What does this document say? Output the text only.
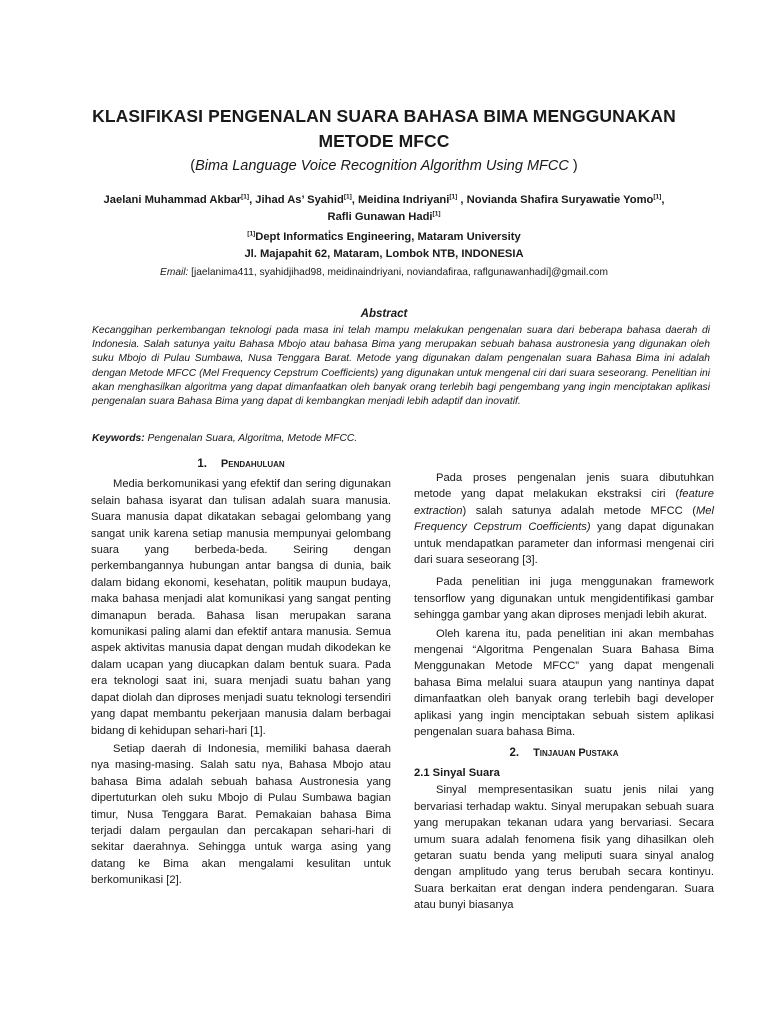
KLASIFIKASI PENGENALAN SUARA BAHASA BIMA MENGGUNAKAN METODE MFCC
(Bima Language Voice Recognition Algorithm Using MFCC )
Jaelani Muhammad Akbar[1], Jihad As’ Syahid[1], Meidina Indriyani[1] , Novianda Shafira Suryawati̇e Yomo[1],
Rafli Gunawan Hadi[1]
[1]Dept Informati̇cs Engineering, Mataram University
Jl. Majapahit 62, Mataram, Lombok NTB, INDONESIA
Email: [jaelanima411, syahidjihad98, meidinaindriyani, noviandafiraa, raflgunawanhadi]@gmail.com
Abstract
Kecanggihan perkembangan teknologi pada masa ini telah mampu melakukan pengenalan suara dari beberapa bahasa daerah di Indonesia. Salah satunya yaitu Bahasa Mbojo atau bahasa Bima yang merupakan sebuah bahasa austronesia yang digunakan oleh suku Mbojo di Pulau Sumbawa, Nusa Tenggara Barat. Metode yang digunakan dalam pengenalan suara Bahasa Bima ini adalah dengan Metode MFCC (Mel Frequency Cepstrum Coefficients) yang digunakan untuk mengenal ciri dari suara seseorang. Penelitian ini akan menghasilkan algoritma yang dapat dimanfaatkan oleh banyak orang terlebih bagi pengembang yang ingin menciptakan aplikasi pengenalan suara Bahasa Bima yang dapat di kembangkan menjadi lebih adaptif dan inovatif.
Keywords: Pengenalan Suara, Algoritma, Metode MFCC.
1. Pendahuluan

Media berkomunikasi yang efektif dan sering digunakan selain bahasa isyarat dan tulisan adalah suara manusia. Suara manusia dapat dikatakan sebagai gelombang yang sangat unik karena setiap manusia mempunyai gelombang suara yang berbeda-beda. Seiring dengan perkembangannya hubungan antar bangsa di dunia, baik dalam bidang ekonomi, kesehatan, politik maupun budaya, maka bahasa menjadi alat komunikasi yang sangat penting dimanapun berada. Bahasa lisan merupakan sarana komunikasi paling alami dan efektif antara manusia. Semua aspek aktivitas manusia dapat dengan mudah dikodekan ke dalam ucapan yang diucapkan dalam bentuk suara. Pada era teknologi saat ini, suara menjadi suatu bahan yang dapat diolah dan diproses menjadi suatu teknologi tersendiri yang dapat membantu pekerjaan manusia dalam berbagai bidang di kehidupan sehari-hari [1].

Setiap daerah di Indonesia, memiliki bahasa daerah nya masing-masing. Salah satu nya, Bahasa Mbojo atau bahasa Bima adalah sebuah bahasa Austronesia yang dipertuturkan oleh suku Mbojo di Pulau Sumbawa bagian timur, Nusa Tenggara Barat. Pemakaian bahasa Bima terjadi dalam pergaulan dan percakapan sehari-hari di sekitar daerahnya. Sehingga untuk warga asing yang datang ke Bima akan mengalami kesulitan untuk berkomunikasi [2].

Pada proses pengenalan jenis suara dibutuhkan metode yang dapat melakukan ekstraksi ciri (feature extraction) salah satunya adalah metode MFCC (Mel Frequency Cepstrum Coefficients) yang dapat digunakan untuk mendapatkan parameter dan informasi mengenai ciri dari suara seseorang [3].

Pada penelitian ini juga menggunakan framework tensorflow yang digunakan untuk mengidentifikasi gambar sehingga gambar yang akan diproses menjadi lebih akurat.

Oleh karena itu, pada penelitian ini akan membahas mengenai “Algoritma Pengenalan Suara Bahasa Bima Menggunakan Metode MFCC” yang dapat mengenali bahasa Bima melalui suara ataupun yang nantinya dapat dimanfaatkan oleh banyak orang terlebih bagi developer aplikasi yang ingin menciptakan sebuah sistem aplikasi pengenalan suara bahasa Bima.

2. Tinjauan Pustaka
2.1 Sinyal Suara

Sinyal mempresentasikan suatu jenis nilai yang bervariasi terhadap waktu. Sinyal merupakan sebuah suara yang merupakan tekanan udara yang bervariasi. Secara umum suara adalah fenomena fisik yang dihasilkan oleh getaran suatu benda yang meliputi suara sinyal analog dengan amplitudo yang terus berubah secara kontinyu. Suara berkaitan erat dengan indera pendengaran. Suara atau bunyi biasanya
